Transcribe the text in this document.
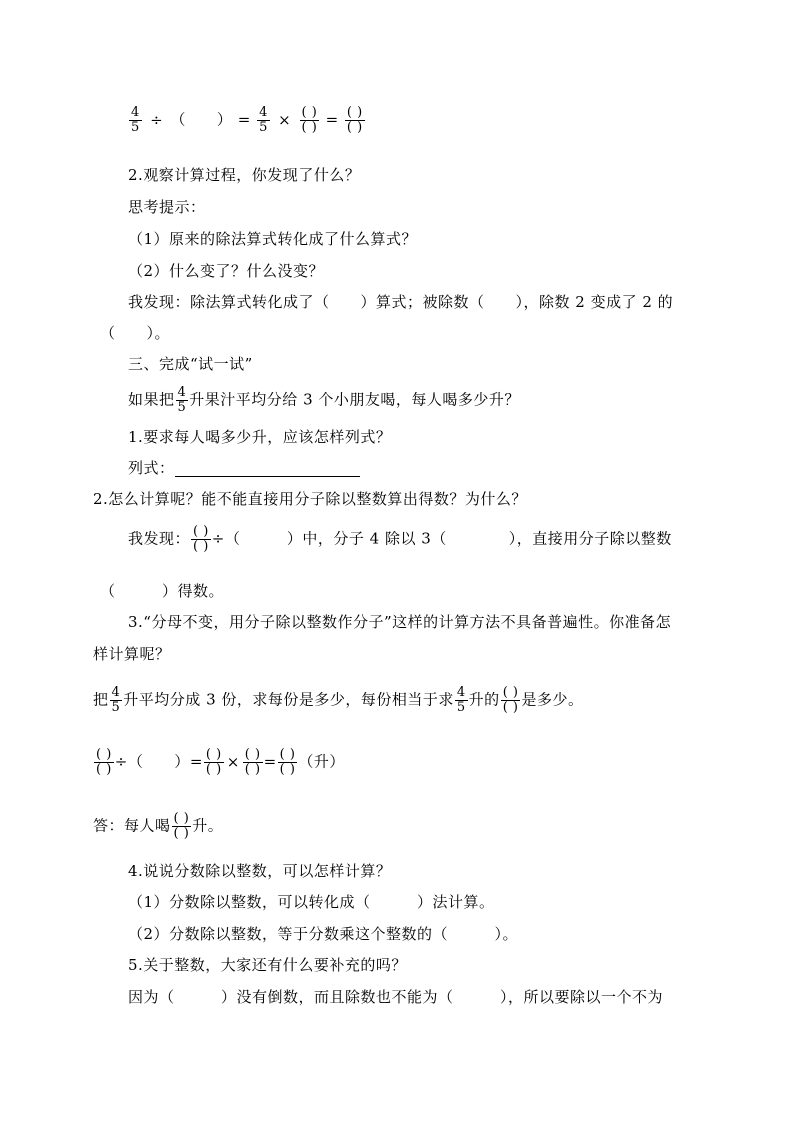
$\frac{4}{5}$ ÷ （　　） = $\frac{4}{5} \times \frac{( )}{( )} = \frac{( )}{( )}$
2.观察计算过程，你发现了什么？
思考提示：
（1）原来的除法算式转化成了什么算式？
（2）什么变了？什么没变？
我发现：除法算式转化成了（　　）算式；被除数（　　），除数 2 变成了 2 的
（　　）。
三、完成“试一试”
如果把 $\frac{4}{5}$ 升果汁平均分给 3 个小朋友喝，每人喝多少升？
1.要求每人喝多少升，应该怎样列式？
列式：
2.怎么计算呢？能不能直接用分子除以整数算出得数？为什么？
我发现： $\frac{( )}{( )}$ ÷（　　　）中，分子 4 除以 3（　　　　），直接用分子除以整数
（　　　）得数。
3.“分母不变，用分子除以整数作分子”这样的计算方法不具备普遍性。你准备怎
样计算呢？
把 $\frac{4}{5}$ 升平均分成 3 份，求每份是多少，每份相当于求 $\frac{4}{5}$ 升的 $\frac{( )}{( )}$ 是多少。
$\frac{( )}{( )}$ ÷（　　）= $\frac{( )}{( )} \times \frac{( )}{( )} = \frac{( )}{( )}$ （升）
答：每人喝 $\frac{( )}{( )}$ 升。
4.说说分数除以整数，可以怎样计算？
（1）分数除以整数，可以转化成（　　　）法计算。
（2）分数除以整数，等于分数乘这个整数的（　　　）。
5.关于整数，大家还有什么要补充的吗？
因为（　　　）没有倒数，而且除数也不能为（　　　），所以要除以一个不为
